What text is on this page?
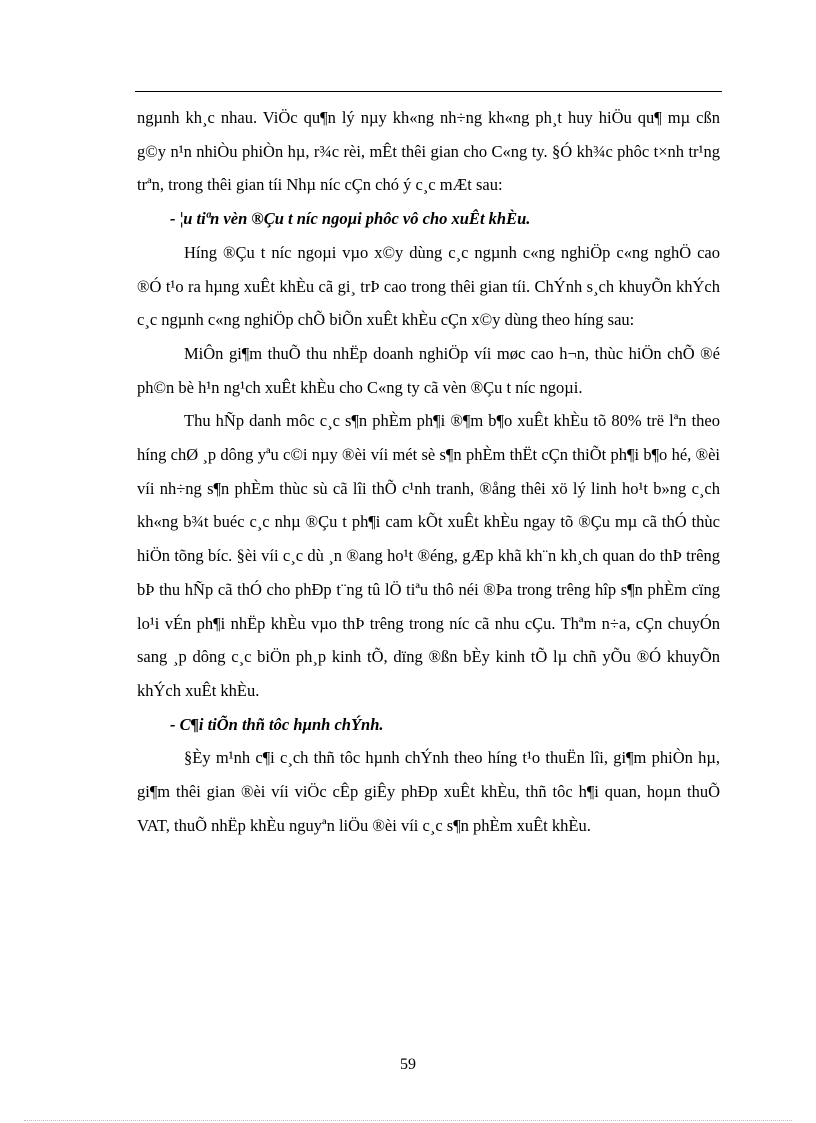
ngµnh kh¸c nhau. ViÖc qu¶n lý nµy kh«ng nh÷ng kh«ng ph¸t huy hiÖu qu¶ mµ cßn g©y n¹n nhiÒu phiÒn hµ, r¾c rèi, mÊt thêi gian cho C«ng ty. §Ó kh¾c phôc t×nh tr¹ng trªn, trong thêi gian tíi Nhµ níc cÇn chó ý c¸c mÆt sau:

- ¦u tiªn vèn ®Çu t níc ngoµi phôc vô cho xuÊt khÈu.

Híng ®Çu t níc ngoµi vµo x©y dùng c¸c ngµnh c«ng nghiÖp c«ng nghÖ cao ®Ó t¹o ra hµng xuÊt khÈu cã gi¸ trÞ cao trong thêi gian tíi. ChÝnh s¸ch khuyÕn khÝch c¸c ngµnh c«ng nghiÖp chÕ biÕn xuÊt khÈu cÇn x©y dùng theo híng sau:

MiÔn gi¶m thuÕ thu nhËp doanh nghiÖp víi møc cao h¬n, thùc hiÖn chÕ ®é ph©n bè h¹n ng¹ch xuÊt khÈu cho C«ng ty cã vèn ®Çu t níc ngoµi.

Thu hÑp danh môc c¸c s¶n phÈm ph¶i ®¶m b¶o xuÊt khÈu tõ 80% trë lªn theo híng chØ ¸p dông yªu c©i nµy ®èi víi mét sè s¶n phÈm thËt cÇn thiÕt ph¶i b¶o hé, ®èi víi nh÷ng s¶n phÈm thùc sù cã lîi thÕ c¹nh tranh, ®ång thêi xö lý linh ho¹t b»ng c¸ch kh«ng b¾t buéc c¸c nhµ ®Çu t ph¶i cam kÕt xuÊt khÈu ngay tõ ®Çu mµ cã thÓ thùc hiÖn tõng bíc. §èi víi c¸c dù ¸n ®ang ho¹t ®éng, gÆp khã kh¨n kh¸ch quan do thÞ trêng bÞ thu hÑp cã thÓ cho phÐp t¨ng tû lÖ tiªu thô néi ®Þa trong trêng hîp s¶n phÈm cïng lo¹i vÉn ph¶i nhËp khÈu vµo thÞ trêng trong níc cã nhu cÇu. Thªm n÷a, cÇn chuyÓn sang ¸p dông c¸c biÖn ph¸p kinh tÕ, dïng ®ßn bÈy kinh tÕ lµ chñ yÕu ®Ó khuyÕn khÝch xuÊt khÈu.

- C¶i tiÕn thñ tôc hµnh chÝnh.

§Èy m¹nh c¶i c¸ch thñ tôc hµnh chÝnh theo híng t¹o thuËn lîi, gi¶m phiÒn hµ, gi¶m thêi gian ®èi víi viÖc cÊp giÊy phÐp xuÊt khÈu, thñ tôc h¶i quan, hoµn thuÕ VAT, thuÕ nhËp khÈu nguyªn liÖu ®èi víi c¸c s¶n phÈm xuÊt khÈu.

59
